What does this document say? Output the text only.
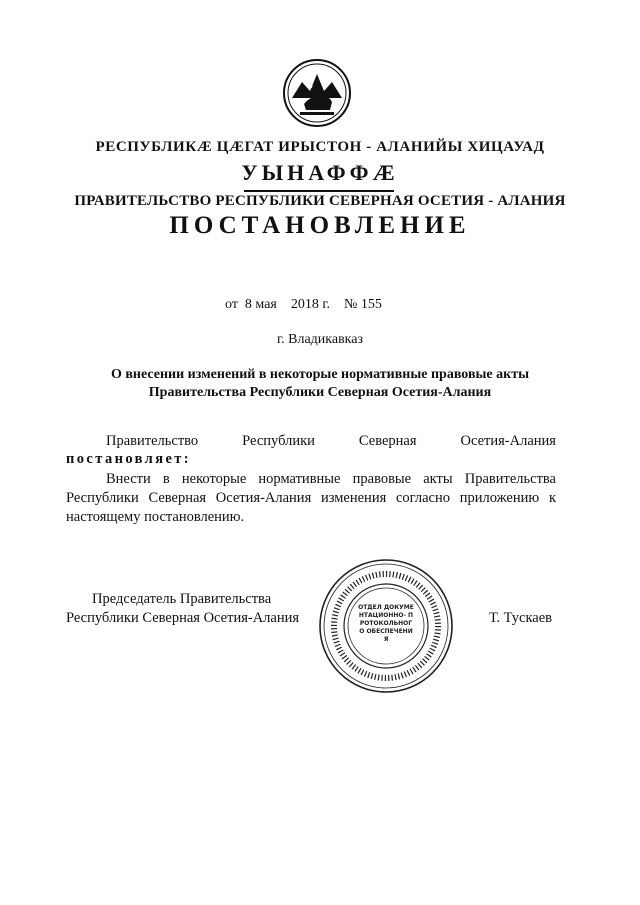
РЕСПУБЛИКӔ ЦӔГАТ ИРЫСТОН - АЛАНИЙЫ ХИЦАУАД
УЫНАФФӔ
ПРАВИТЕЛЬСТВО РЕСПУБЛИКИ СЕВЕРНАЯ ОСЕТИЯ - АЛАНИЯ
ПОСТАНОВЛЕНИЕ
от  8 мая    2018 г.    № 155
г. Владикавказ
О внесении изменений в некоторые нормативные правовые акты
Правительства Республики Северная Осетия-Алания
Правительство	Республики	Северная	Осетия-Алания
постановляет:
Внести в некоторые нормативные правовые акты Правительства Республики Северная Осетия-Алания изменения согласно приложению к настоящему постановлению.
Председатель Правительства
Республики Северная Осетия-Алания	Т. Тускаев
ОТДЕЛ ДОКУМЕНТАЦИОННО- ПРОТОКОЛЬНОГО ОБЕСПЕЧЕНИЯ
